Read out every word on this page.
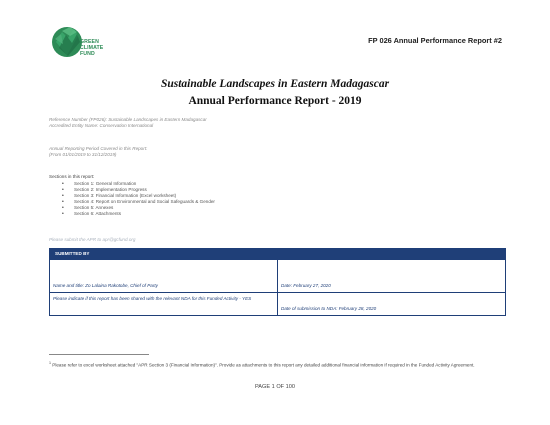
GREEN
CLIMATE
FUND
FP 026 Annual Performance Report #2
Sustainable Landscapes in Eastern Madagascar
Annual Performance Report - 2019
Reference Number (FP026): Sustainable Landscapes in Eastern Madagascar
Accredited Entity Name: Conservation International
Annual Reporting Period Covered in this Report:
(From 01/01/2019 to 31/12/2019)
Sections in this report:
• Section 1: General Information
• Section 2: Implementation Progress
• Section 3: Financial Information (Excel worksheet)
• Section 4: Report on Environmental and Social Safeguards & Gender
• Section 5: Annexes
• Section 6: Attachments
Please submit the APR to apr@gcfund.org
SUBMITTED BY
Name and title: Zo Lalaina Rakotobe, Chief of Party	Date: February 27, 2020
Please indicate if this report has been shared with the relevant NDA for this Funded Activity - YES
Date of submission to NDA: February 28, 2020
$^1$ Please refer to excel worksheet attached "APR Section 3 (Financial Information)". Provide as attachments to this report any detailed additional financial information if required in the Funded Activity Agreement.
PAGE 1 OF 100
